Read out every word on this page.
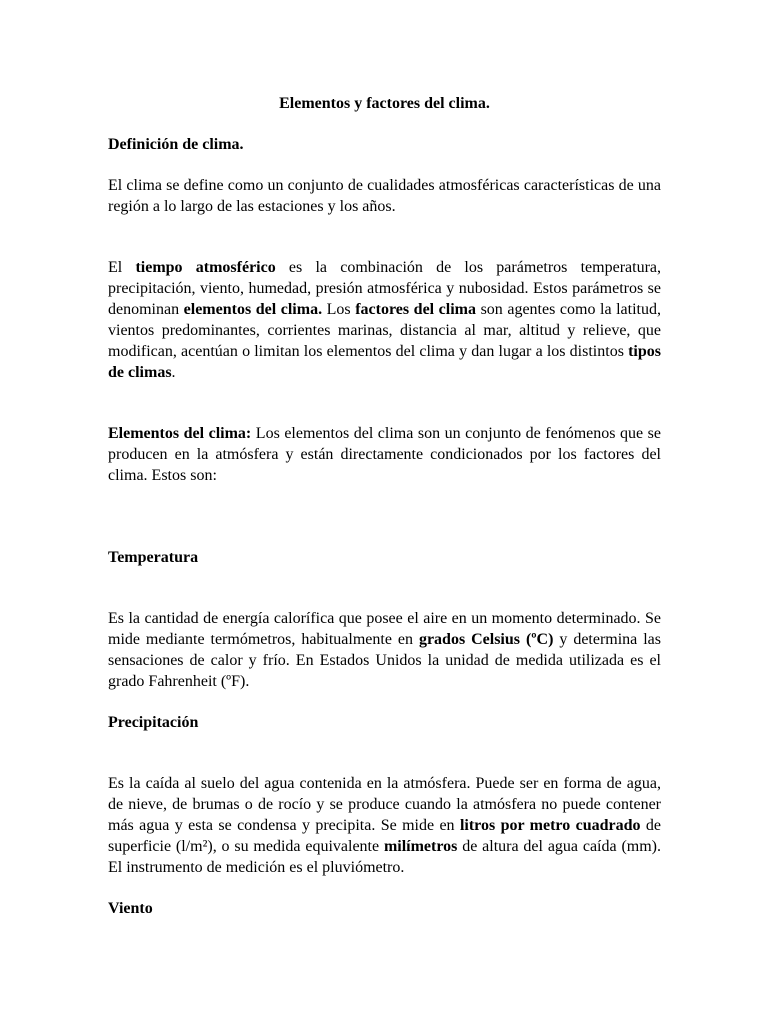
Elementos y factores del clima.
Definición de clima.

El clima se define como un conjunto de cualidades atmosféricas características de una región a lo largo de las estaciones y los años.

El tiempo atmosférico es la combinación de los parámetros temperatura, precipitación, viento, humedad, presión atmosférica y nubosidad. Estos parámetros se denominan elementos del clima. Los factores del clima son agentes como la latitud, vientos predominantes, corrientes marinas, distancia al mar, altitud y relieve, que modifican, acentúan o limitan los elementos del clima y dan lugar a los distintos tipos de climas.

Elementos del clima: Los elementos del clima son un conjunto de fenómenos que se producen en la atmósfera y están directamente condicionados por los factores del clima. Estos son:

Temperatura

Es la cantidad de energía calorífica que posee el aire en un momento determinado. Se mide mediante termómetros, habitualmente en grados Celsius (ºC) y determina las sensaciones de calor y frío. En Estados Unidos la unidad de medida utilizada es el grado Fahrenheit (ºF).

Precipitación

Es la caída al suelo del agua contenida en la atmósfera. Puede ser en forma de agua, de nieve, de brumas o de rocío y se produce cuando la atmósfera no puede contener más agua y esta se condensa y precipita. Se mide en litros por metro cuadrado de superficie (l/m²), o su medida equivalente milímetros de altura del agua caída (mm). El instrumento de medición es el pluviómetro.

Viento
